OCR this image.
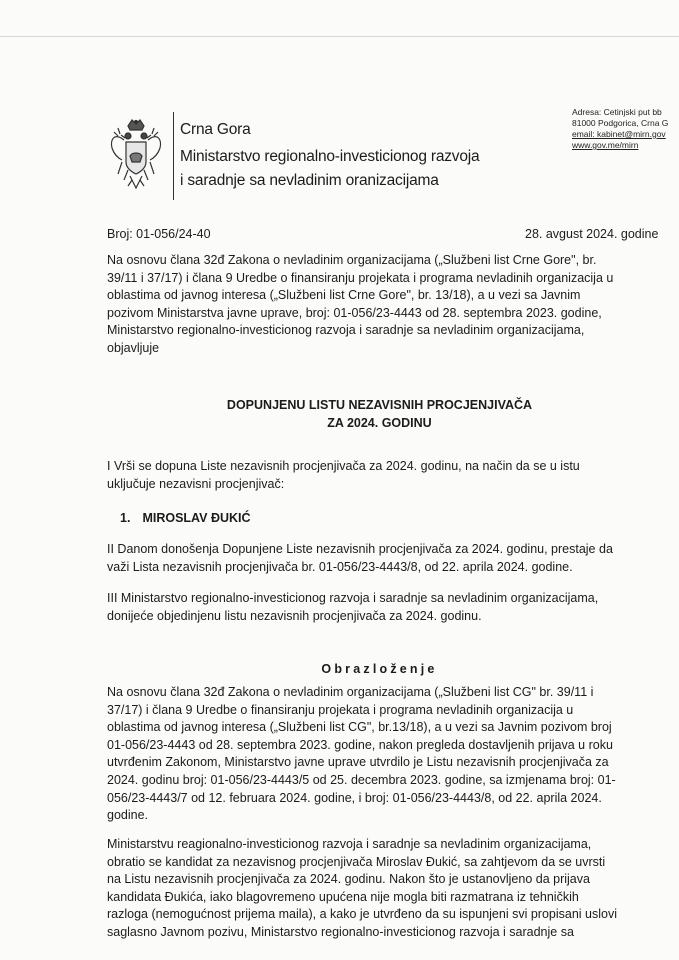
Crna Gora
Ministarstvo regionalno-investicionog razvoja
i saradnje sa nevladinim oranizacijama
Adresa: Cetinjski put bb
81000 Podgorica, Crna G
email: kabinet@mirn.gov
www.gov.me/mirn
Broj: 01-056/24-40	28. avgust 2024. godine
Na osnovu člana 32đ Zakona o nevladinim organizacijama („Službeni list Crne Gore", br.
39/11 i 37/17) i člana 9 Uredbe o finansiranju projekata i programa nevladinih organizacija u
oblastima od javnog interesa („Službeni list Crne Gore", br. 13/18), a u vezi sa Javnim
pozivom Ministarstva javne uprave, broj: 01-056/23-4443 od 28. septembra 2023. godine,
Ministarstvo regionalno-investicionog razvoja i saradnje sa nevladinim organizacijama,
objavljuje
DOPUNJENU LISTU NEZAVISNIH PROCJENJIVAČA
ZA 2024. GODINU
I Vrši se dopuna Liste nezavisnih procjenjivača za 2024. godinu, na način da se u istu
uključuje nezavisni procjenjivač:
1. MIROSLAV ĐUKIĆ
II Danom donošenja Dopunjene Liste nezavisnih procjenjivača za 2024. godinu, prestaje da
važi Lista nezavisnih procjenjivača br. 01-056/23-4443/8, od 22. aprila 2024. godine.
III Ministarstvo regionalno-investicionog razvoja i saradnje sa nevladinim organizacijama,
donijeće objedinjenu listu nezavisnih procjenjivača za 2024. godinu.
Obrazloženje
Na osnovu člana 32đ Zakona o nevladinim organizacijama („Službeni list CG" br. 39/11 i
37/17) i člana 9 Uredbe o finansiranju projekata i programa nevladinih organizacija u
oblastima od javnog interesa („Službeni list CG", br.13/18), a u vezi sa Javnim pozivom broj
01-056/23-4443 od 28. septembra 2023. godine, nakon pregleda dostavljenih prijava u roku
utvrđenim Zakonom, Ministarstvo javne uprave utvrdilo je Listu nezavisnih procjenjivača za
2024. godinu broj: 01-056/23-4443/5 od 25. decembra 2023. godine, sa izmjenama broj: 01-
056/23-4443/7 od 12. februara 2024. godine, i broj: 01-056/23-4443/8, od 22. aprila 2024.
godine.
Ministarstvu reagionalno-investicionog razvoja i saradnje sa nevladinim organizacijama,
obratio se kandidat za nezavisnog procjenjivača Miroslav Đukić, sa zahtjevom da se uvrsti
na Listu nezavisnih procjenjivača za 2024. godinu. Nakon što je ustanovljeno da prijava
kandidata Đukića, iako blagovremeno upućena nije mogla biti razmatrana iz tehničkih
razloga (nemogućnost prijema maila), a kako je utvrđeno da su ispunjeni svi propisani uslovi
saglasno Javnom pozivu, Ministarstvo regionalno-investicionog razvoja i saradnje sa
